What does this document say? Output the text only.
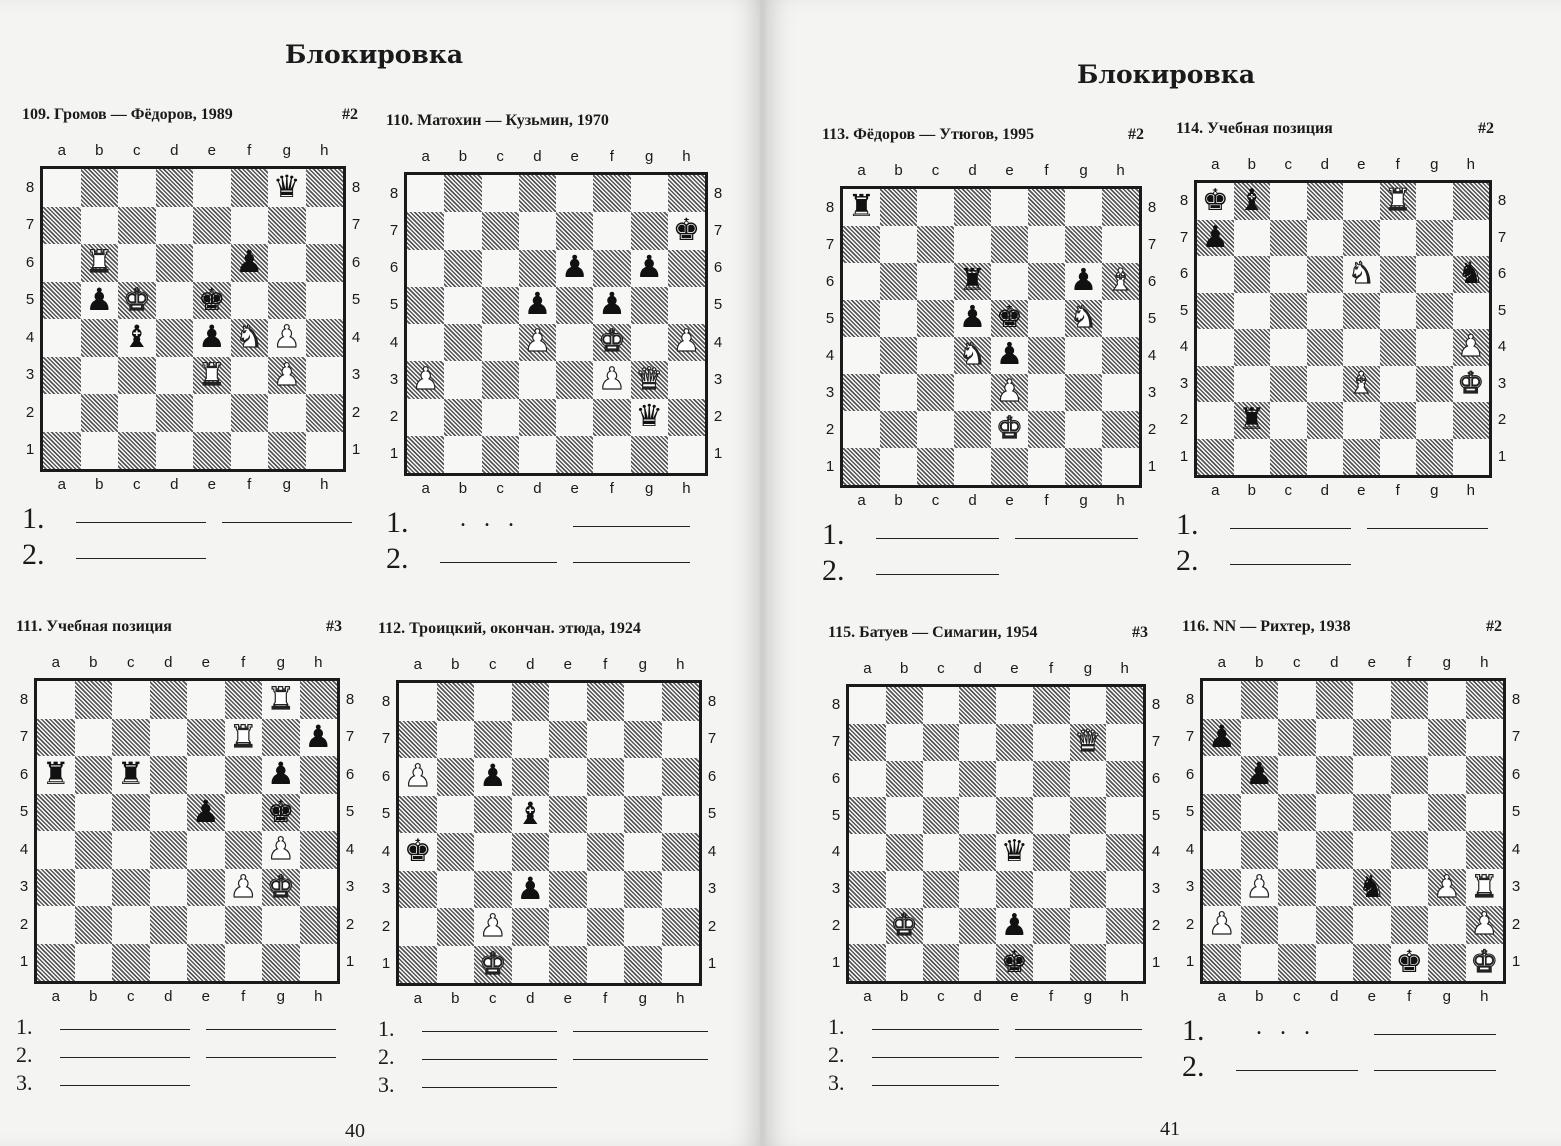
Блокировка
40
Блокировка
41
109. Громов — Фёдоров, 1989	#2
a	b	c	d	e	f	g	h
a	b	c	d	e	f	g	h
8
7
6
5
4
3
2
1
8
7
6
5
4
3
2
1
♛
♜	♟
♟ ♚ ♚
♝ ♟ ♞ ♟
♜ ♟
1.
2.
110. Матохин — Кузьмин, 1970
a	b	c	d	e	f	g	h
a	b	c	d	e	f	g	h
8
7
6
5
4
3
2
1
8
7
6
5
4
3
2
1
♚
♟ ♟
♟ ♟
♟ ♚ ♟
♟	♟ ♛
♛
1. . . .
2.
111. Учебная позиция	#3
a	b	c	d	e	f	g	h
a	b	c	d	e	f	g	h
8
7
6
5
4
3
2
1
8
7
6
5
4
3
2
1
♜
♜ ♟
♜ ♜	♟
♟ ♚
♟
♟ ♚
1.
2.
3.
112. Троицкий, окончан. этюда, 1924
a	b	c	d	e	f	g	h
a	b	c	d	e	f	g	h
8
7
6
5
4
3
2
1
8
7
6
5
4
3
2
1
♟ ♟
♝
♚
♟
♟
♚
1.
2.
3.
113. Фёдоров — Утюгов, 1995	#2
a	b	c	d	e	f	g	h
a	b	c	d	e	f	g	h
8
7
6
5
4
3
2
1
8
7
6
5
4
3
2
1
♜
♜	♟ ♝
♟ ♚ ♞
♞ ♟
♟
♚
1.
2.
114. Учебная позиция	#2
a	b	c	d	e	f	g	h
a	b	c	d	e	f	g	h
8
7
6
5
4
3
2
1
8
7
6
5
4
3
2
1
♚ ♝	♜
♟
♞	♞
♟
♝	♚
♜
1.
2.
115. Батуев — Симагин, 1954	#3
a	b	c	d	e	f	g	h
a	b	c	d	e	f	g	h
8
7
6
5
4
3
2
1
8
7
6
5
4
3
2
1
♛
♛
♚	♟
♚
1.
2.
3.
116. NN — Рихтер, 1938	#2
a	b	c	d	e	f	g	h
a	b	c	d	e	f	g	h
8
7
6
5
4
3
2
1
8
7
6
5
4
3
2
1
♟
♟
♟	♞ ♟ ♜
♟	♟
♚ ♚
1. . . .
2.
